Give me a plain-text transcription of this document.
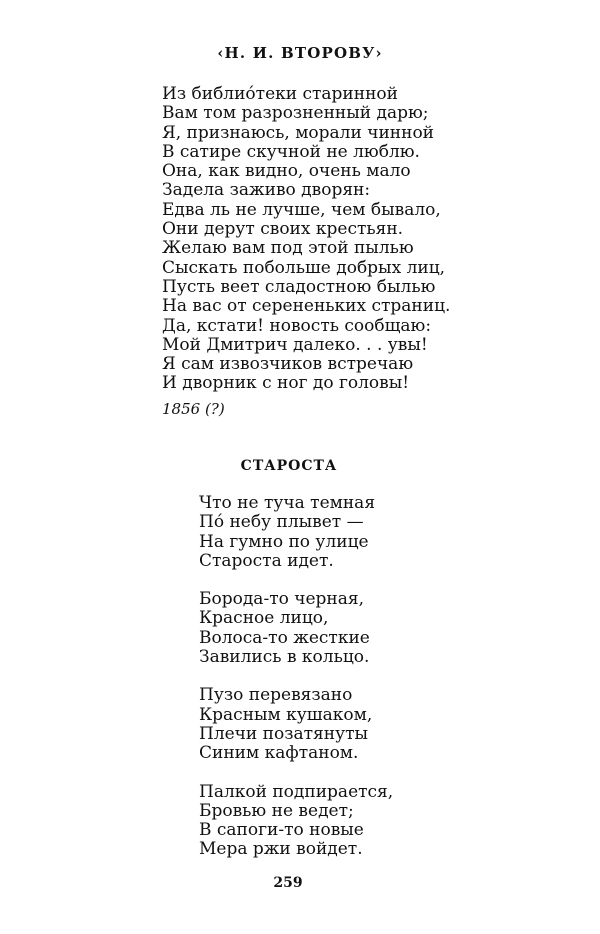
‹Н. И. ВТОРОВУ›
Из библио́теки старинной
Вам том разрозненный дарю;
Я, признаюсь, морали чинной
В сатире скучной не люблю.
Она, как видно, очень мало
Задела заживо дворян:
Едва ль не лучше, чем бывало,
Они дерут своих крестьян.
Желаю вам под этой пылью
Сыскать побольше добрых лиц,
Пусть веет сладостною былью
На вас от серененьких страниц.
Да, кстати! новость сообщаю:
Мой Дмитрич далеко. . . увы!
Я сам извозчиков встречаю
И дворник с ног до головы!
1856 (?)
СТАРОСТА
Что не туча темная
По́ небу плывет —
На гумно по улице
Староста идет.
Борода-то черная,
Красное лицо,
Волоса-то жесткие
Завились в кольцо.
Пузо перевязано
Красным кушаком,
Плечи позатянуты
Синим кафтаном.
Палкой подпирается,
Бровью не ведет;
В сапоги-то новые
Мера ржи войдет.
259
